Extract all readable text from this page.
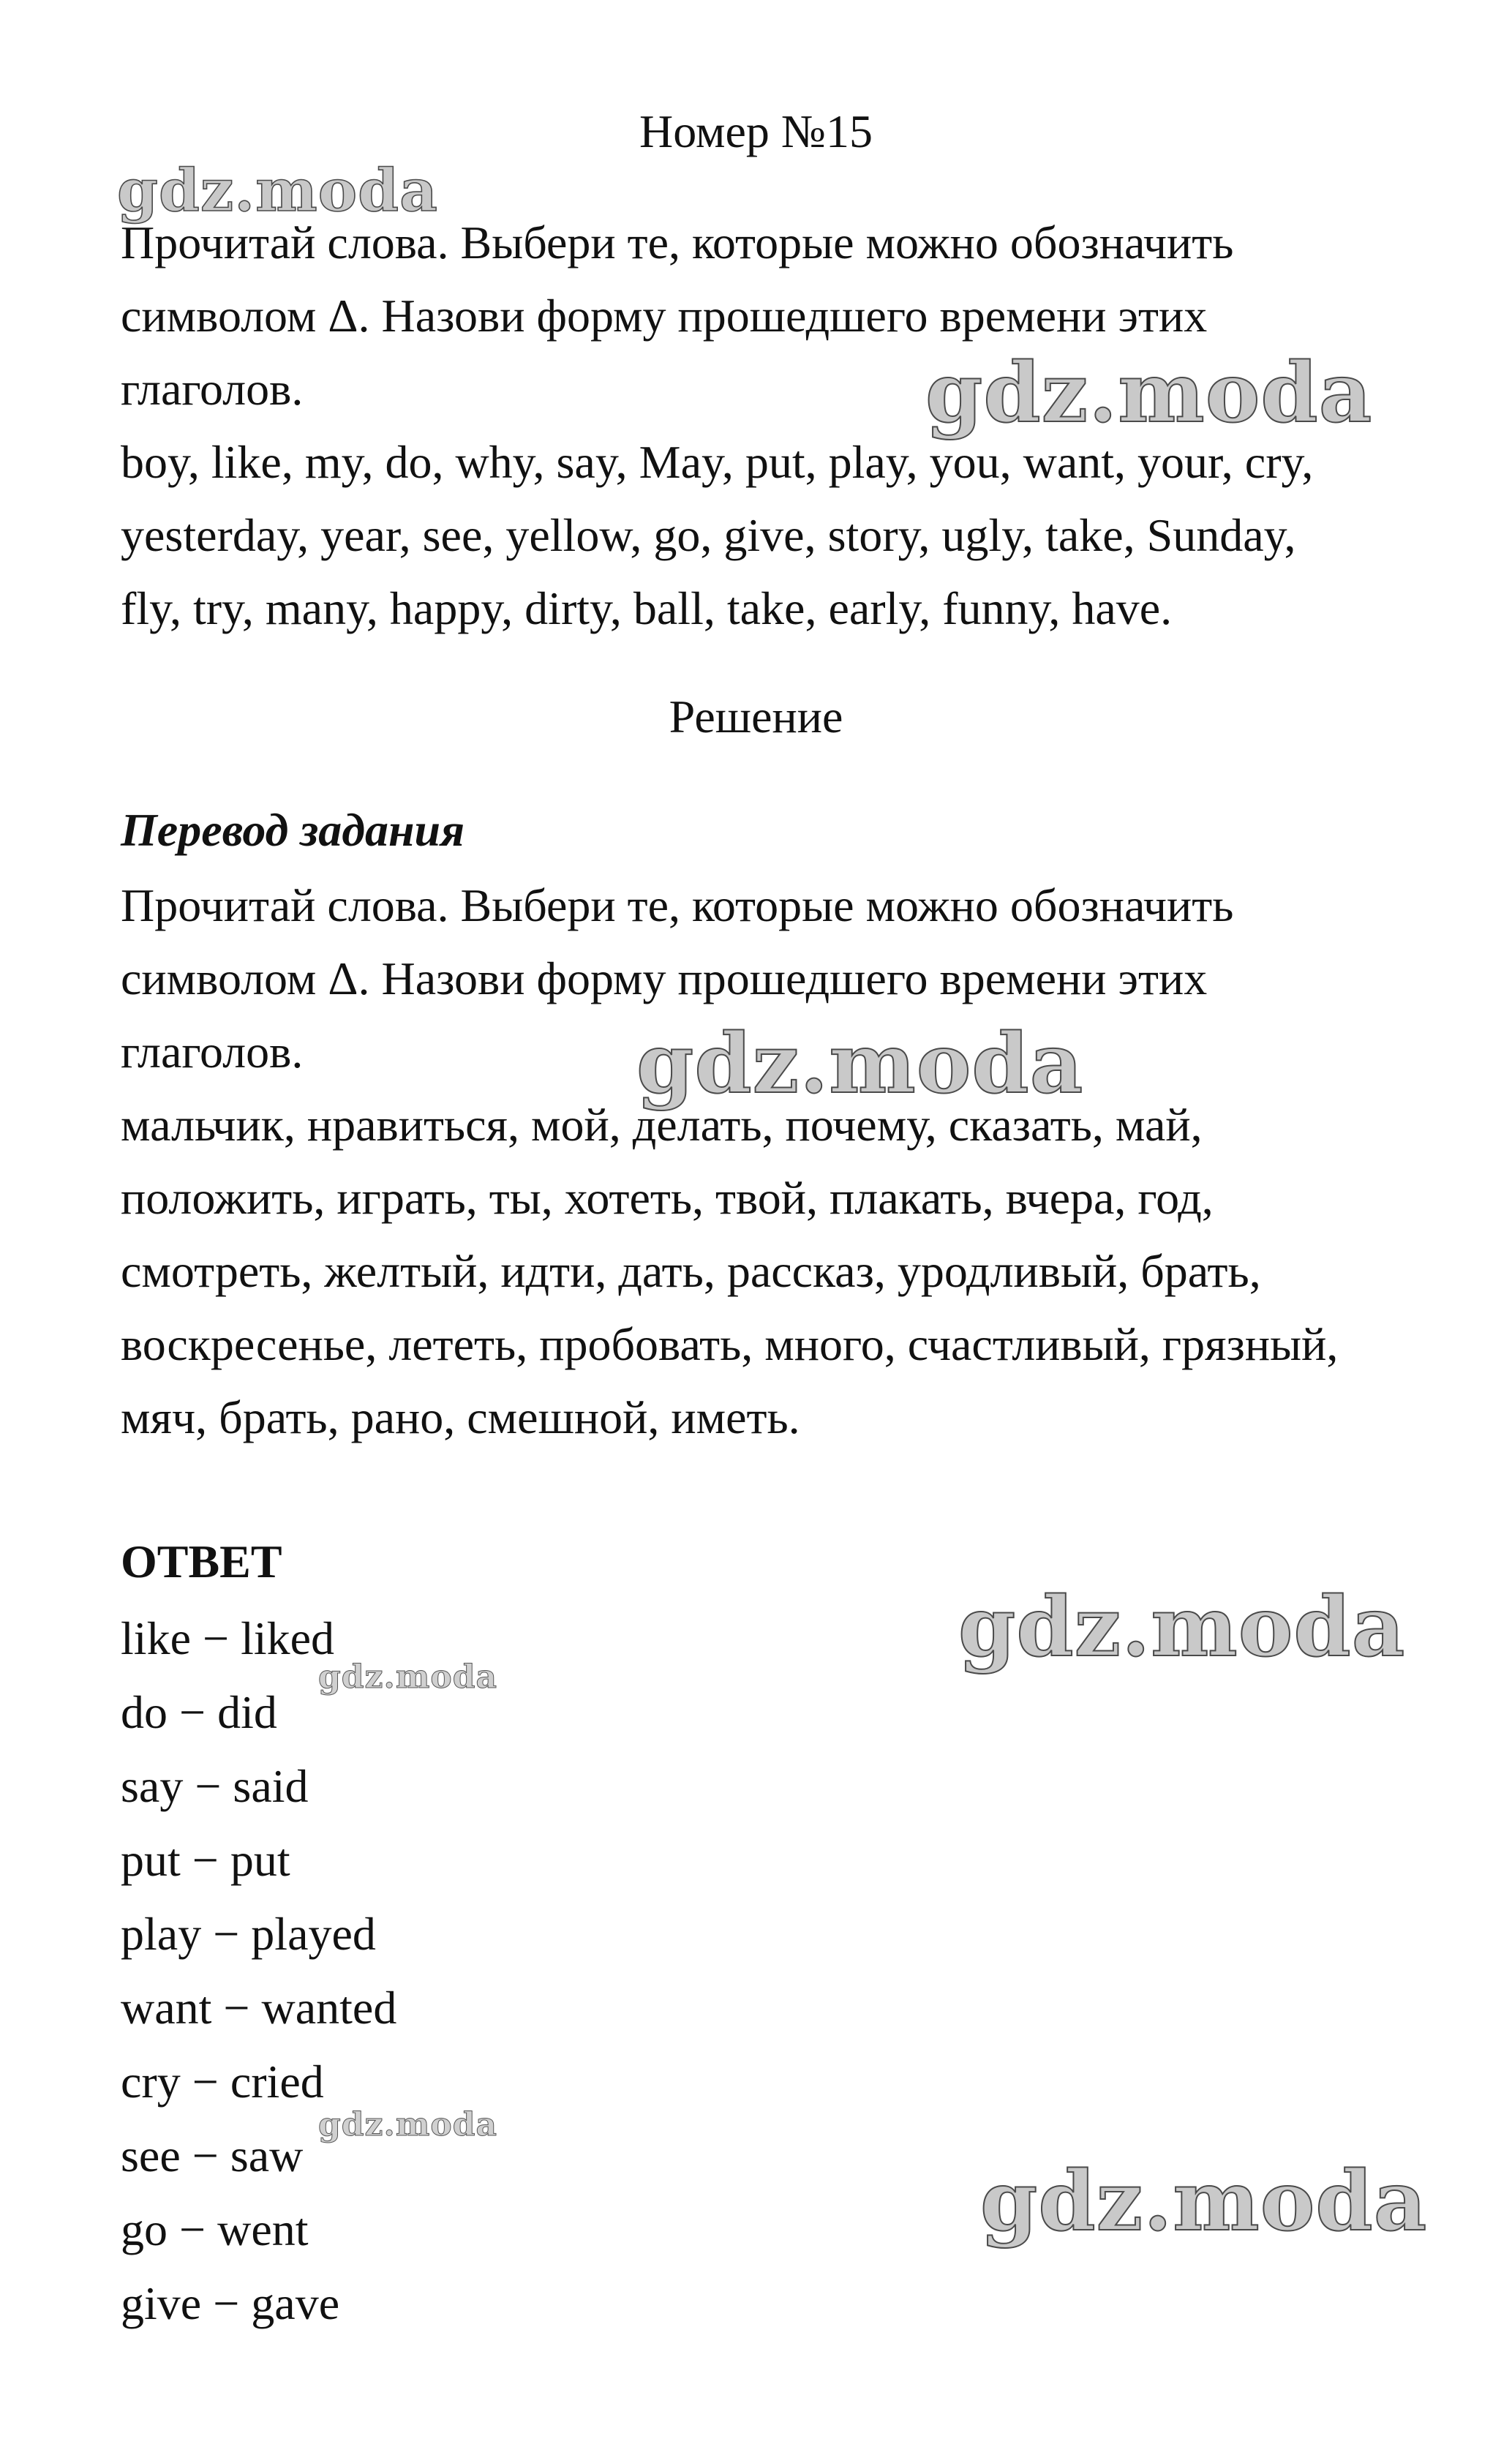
Номер №15
gdz.moda

Прочитай слова. Выбери те, которые можно обозначить
символом Δ. Назови форму прошедшего времени этих
глаголов.
boy, like, my, do, why, say, May, put, play, you, want, your, cry,
yesterday, year, see, yellow, go, give, story, ugly, take, Sunday,
fly, try, many, happy, dirty, ball, take, early, funny, have.

gdz.moda
Решение
Перевод задания

Прочитай слова. Выбери те, которые можно обозначить
символом Δ. Назови форму прошедшего времени этих
глаголов.
мальчик, нравиться, мой, делать, почему, сказать, май,
положить, играть, ты, хотеть, твой, плакать, вчера, год,
смотреть, желтый, идти, дать, рассказ, уродливый, брать,
воскресенье, лететь, пробовать, много, счастливый, грязный,
мяч, брать, рано, смешной, иметь.

gdz.moda
ОТВЕТ
like − liked
do − did
say − said
put − put
play − played
want − wanted
cry − cried
see − saw
go − went
give − gave
gdz.moda
gdz.moda
gdz.moda
gdz.moda
